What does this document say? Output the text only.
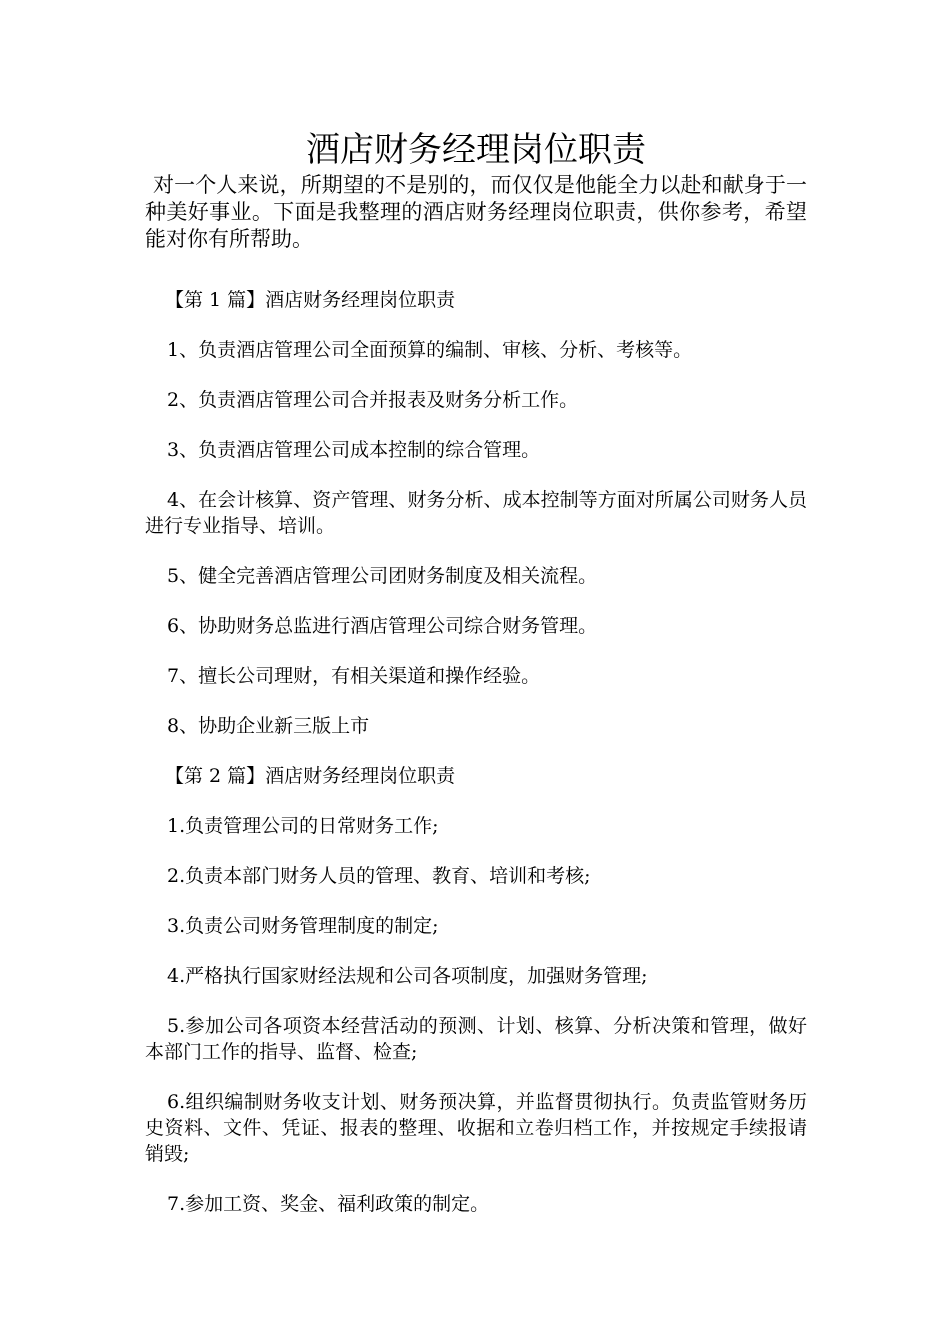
酒店财务经理岗位职责

对一个人来说，所期望的不是别的，而仅仅是他能全力以赴和献身于一种美好事业。下面是我整理的酒店财务经理岗位职责，供你参考，希望能对你有所帮助。

【第 1 篇】酒店财务经理岗位职责

1、负责酒店管理公司全面预算的编制、审核、分析、考核等。

2、负责酒店管理公司合并报表及财务分析工作。

3、负责酒店管理公司成本控制的综合管理。

4、在会计核算、资产管理、财务分析、成本控制等方面对所属公司财务人员进行专业指导、培训。

5、健全完善酒店管理公司团财务制度及相关流程。

6、协助财务总监进行酒店管理公司综合财务管理。

7、擅长公司理财，有相关渠道和操作经验。

8、协助企业新三版上市

【第 2 篇】酒店财务经理岗位职责

1.负责管理公司的日常财务工作;

2.负责本部门财务人员的管理、教育、培训和考核;

3.负责公司财务管理制度的制定;

4.严格执行国家财经法规和公司各项制度，加强财务管理;

5.参加公司各项资本经营活动的预测、计划、核算、分析决策和管理，做好本部门工作的指导、监督、检查;

6.组织编制财务收支计划、财务预决算，并监督贯彻执行。负责监管财务历史资料、文件、凭证、报表的整理、收据和立卷归档工作，并按规定手续报请销毁;

7.参加工资、奖金、福利政策的制定。
